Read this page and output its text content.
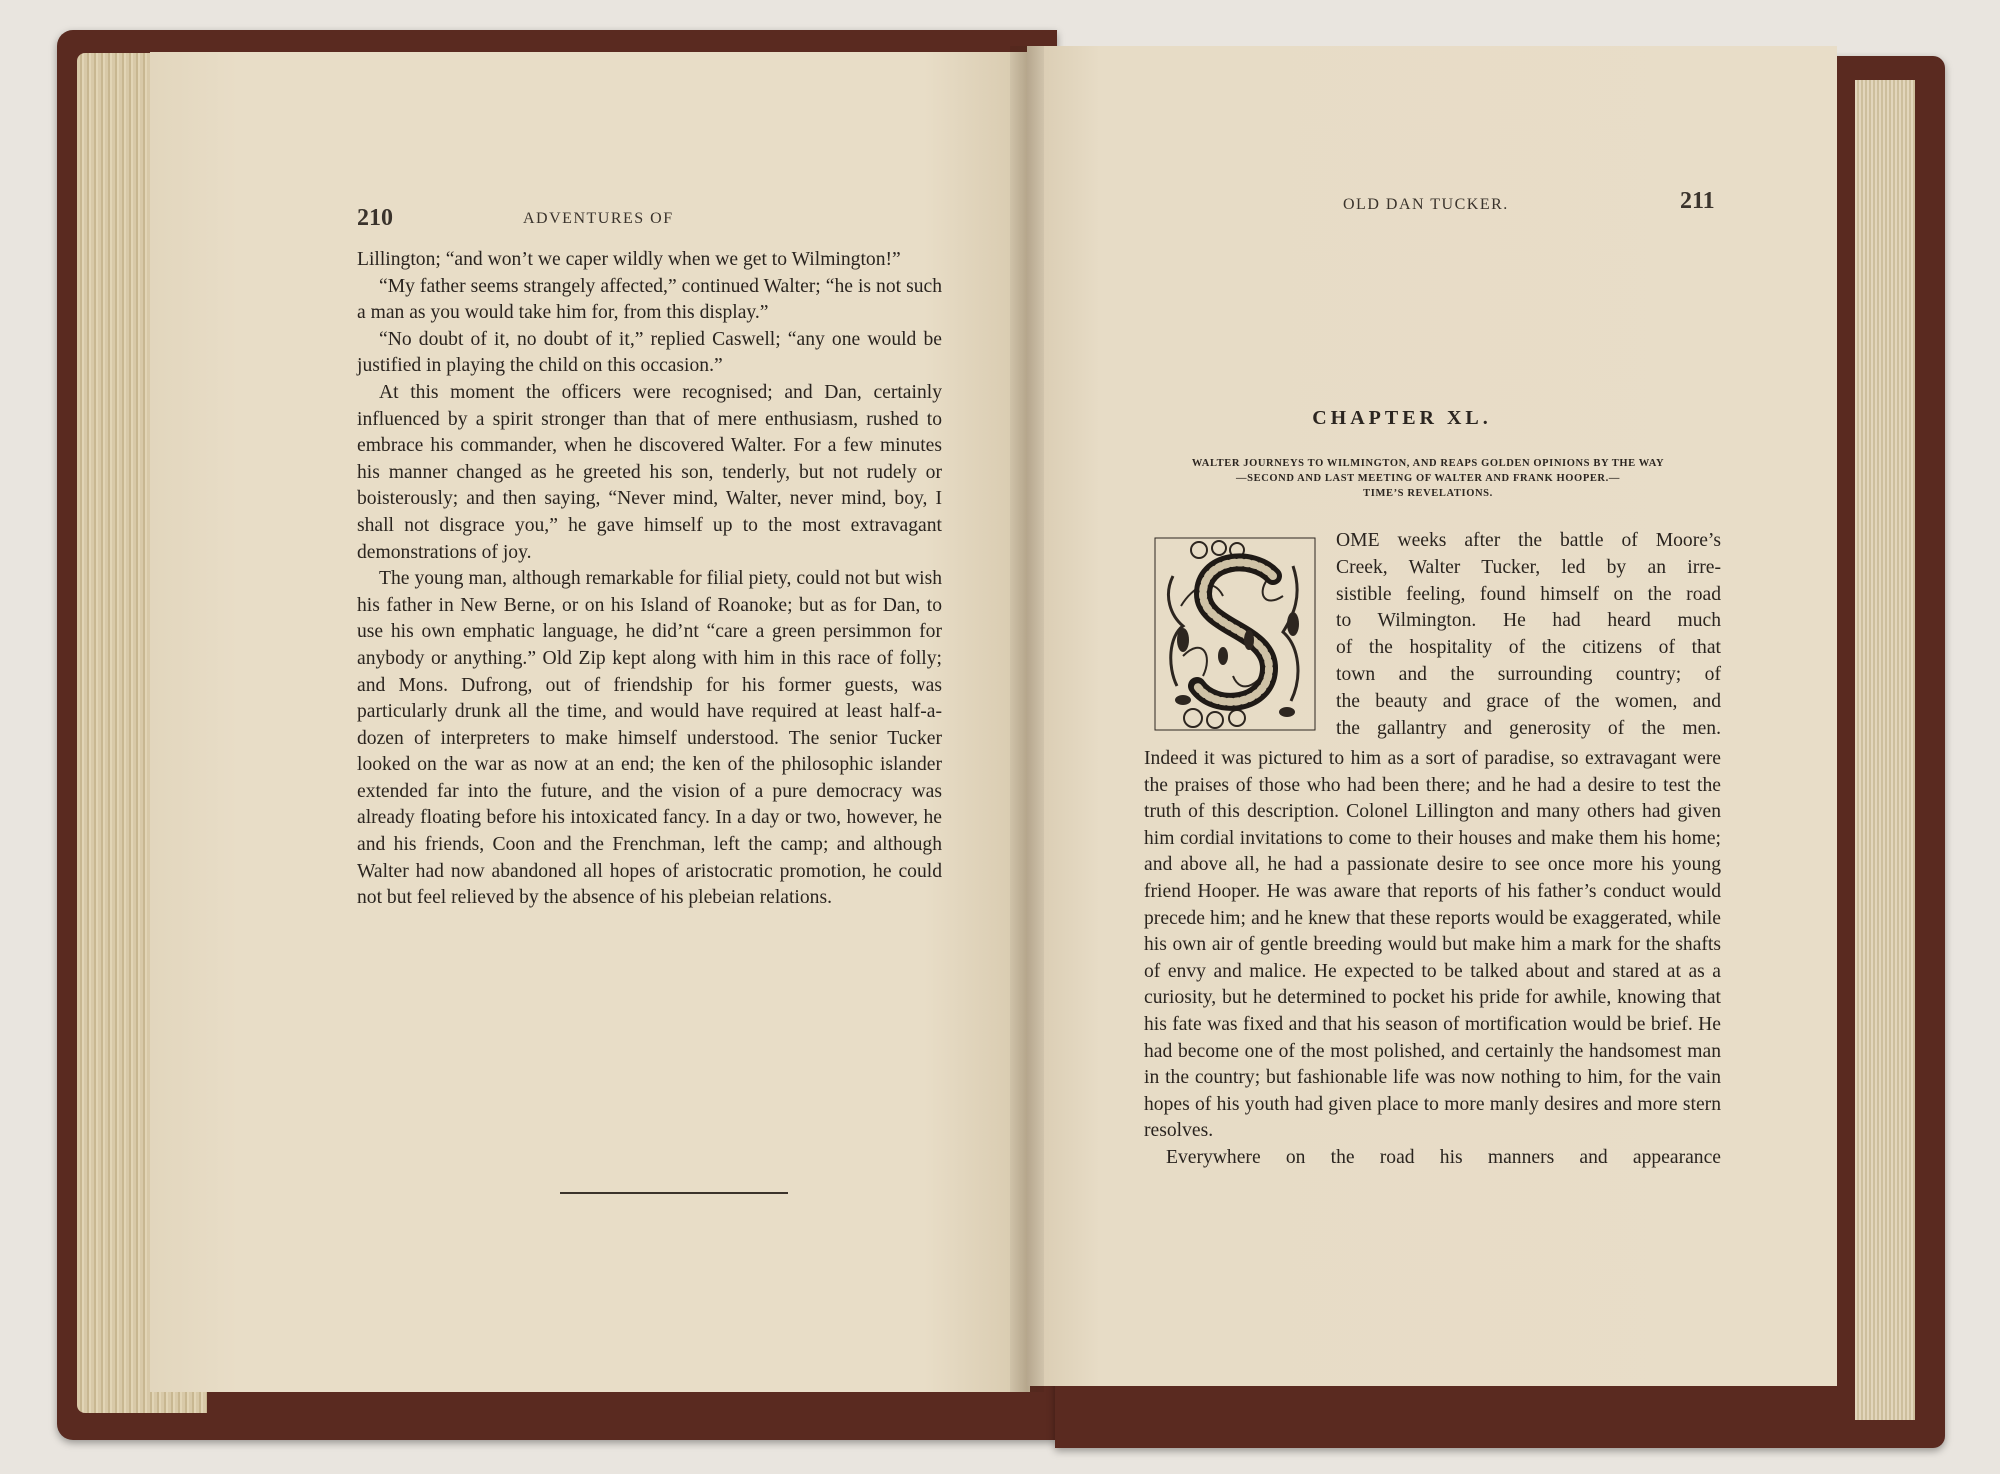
210	ADVENTURES OF

Lillington; “and won’t we caper wildly when we get to Wilmington!”

“My father seems strangely affected,” continued Walter; “he is not such a man as you would take him for, from this display.”

“No doubt of it, no doubt of it,” replied Caswell; “any one would be justified in playing the child on this occasion.”

At this moment the officers were recognised; and Dan, certainly influenced by a spirit stronger than that of mere enthusiasm, rushed to embrace his commander, when he discovered Walter. For a few minutes his manner changed as he greeted his son, tenderly, but not rudely or boisterously; and then saying, “Never mind, Walter, never mind, boy, I shall not disgrace you,” he gave himself up to the most extravagant demonstrations of joy.

The young man, although remarkable for filial piety, could not but wish his father in New Berne, or on his Island of Roanoke; but as for Dan, to use his own emphatic language, he did’nt “care a green persimmon for anybody or anything.” Old Zip kept along with him in this race of folly; and Mons. Dufrong, out of friendship for his former guests, was particularly drunk all the time, and would have required at least half-a-dozen of interpreters to make himself understood. The senior Tucker looked on the war as now at an end; the ken of the philosophic islander extended far into the future, and the vision of a pure democracy was already floating before his intoxicated fancy. In a day or two, however, he and his friends, Coon and the Frenchman, left the camp; and although Walter had now abandoned all hopes of aristocratic promotion, he could not but feel relieved by the absence of his plebeian relations.

OLD DAN TUCKER.	211
CHAPTER XL.
WALTER JOURNEYS TO WILMINGTON, AND REAPS GOLDEN OPINIONS BY THE WAY
—SECOND AND LAST MEETING OF WALTER AND FRANK HOOPER.—
TIME’S REVELATIONS.
OME weeks after the battle of Moore’s
Creek, Walter Tucker, led by an irre-
sistible feeling, found himself on the road
to Wilmington. He had heard much
of the hospitality of the citizens of that
town and the surrounding country; of
the beauty and grace of the women, and
the gallantry and generosity of the men.

Indeed it was pictured to him as a sort of paradise, so extravagant were the praises of those who had been there; and he had a desire to test the truth of this description. Colonel Lillington and many others had given him cordial invitations to come to their houses and make them his home; and above all, he had a passionate desire to see once more his young friend Hooper. He was aware that reports of his father’s conduct would precede him; and he knew that these reports would be exaggerated, while his own air of gentle breeding would but make him a mark for the shafts of envy and malice. He expected to be talked about and stared at as a curiosity, but he determined to pocket his pride for awhile, knowing that his fate was fixed and that his season of mortification would be brief. He had become one of the most polished, and certainly the handsomest man in the country; but fashionable life was now nothing to him, for the vain hopes of his youth had given place to more manly desires and more stern resolves.

Everywhere on the road his manners and appearance
